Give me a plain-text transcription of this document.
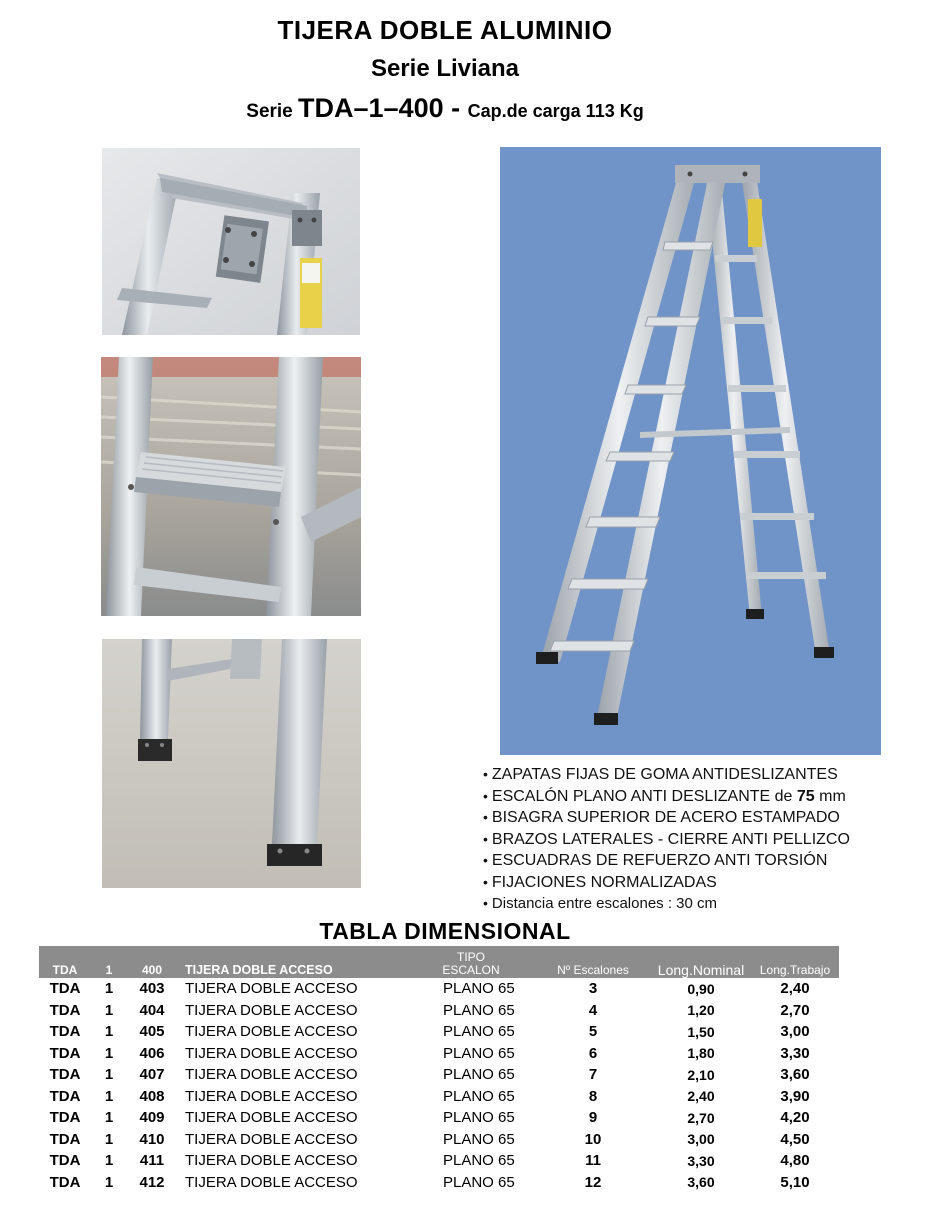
TIJERA DOBLE ALUMINIO
Serie Liviana
Serie TDA–1–400 - Cap.de carga 113 Kg
• ZAPATAS FIJAS DE GOMA ANTIDESLIZANTES
• ESCALÓN PLANO ANTI DESLIZANTE de 75 mm
• BISAGRA SUPERIOR DE ACERO ESTAMPADO
• BRAZOS LATERALES - CIERRE ANTI PELLIZCO
• ESCUADRAS DE REFUERZO ANTI TORSIÓN
• FIJACIONES NORMALIZADAS
• Distancia entre escalones : 30 cm
TABLA DIMENSIONAL
TDA	1	400	TIJERA DOBLE ACCESO	TIPO
ESCALON	Nº Escalones	Long.Nominal	Long.Trabajo
TDA	1	403	TIJERA DOBLE ACCESO	PLANO 65	3	0,90	2,40
TDA	1	404	TIJERA DOBLE ACCESO	PLANO 65	4	1,20	2,70
TDA	1	405	TIJERA DOBLE ACCESO	PLANO 65	5	1,50	3,00
TDA	1	406	TIJERA DOBLE ACCESO	PLANO 65	6	1,80	3,30
TDA	1	407	TIJERA DOBLE ACCESO	PLANO 65	7	2,10	3,60
TDA	1	408	TIJERA DOBLE ACCESO	PLANO 65	8	2,40	3,90
TDA	1	409	TIJERA DOBLE ACCESO	PLANO 65	9	2,70	4,20
TDA	1	410	TIJERA DOBLE ACCESO	PLANO 65	10	3,00	4,50
TDA	1	411	TIJERA DOBLE ACCESO	PLANO 65	11	3,30	4,80
TDA	1	412	TIJERA DOBLE ACCESO	PLANO 65	12	3,60	5,10
